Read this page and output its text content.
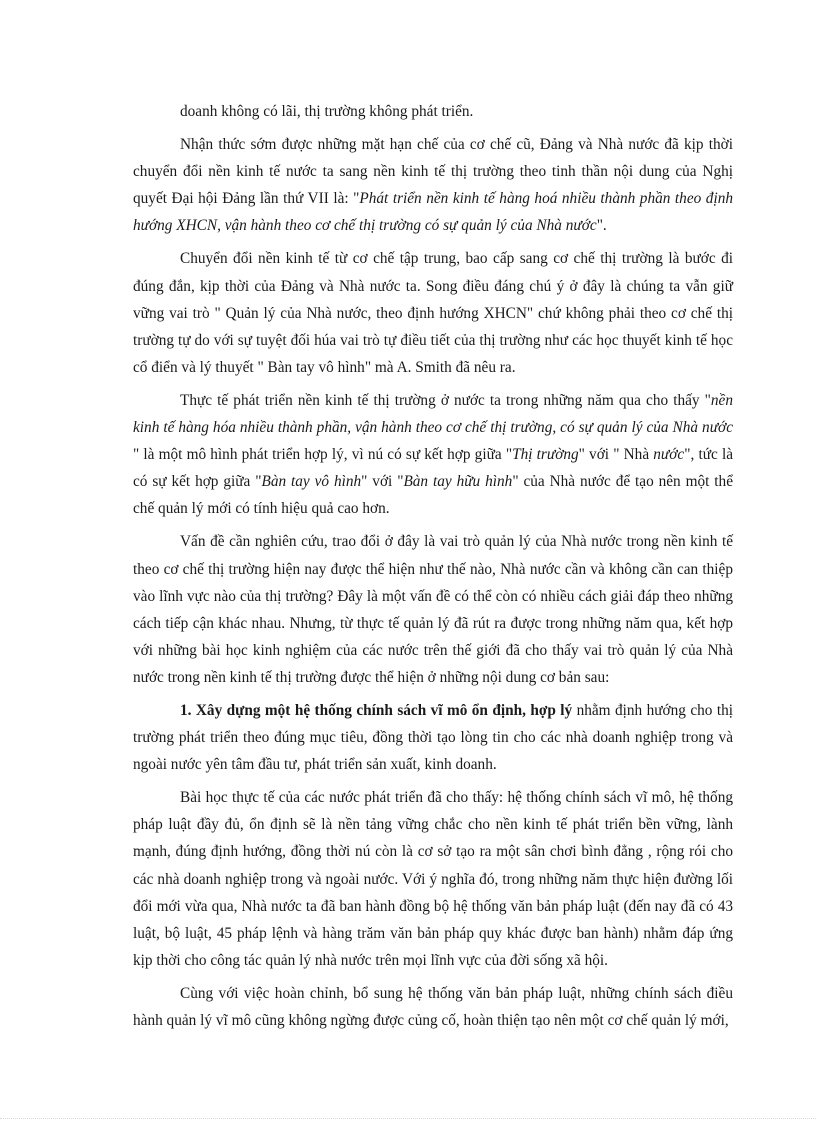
doanh không có lãi, thị trường không phát triển.

Nhận thức sớm được những mặt hạn chế của cơ chế cũ, Đảng và Nhà nước đã kịp thời chuyển đổi nền kinh tế nước ta sang nền kinh tế thị trường theo tinh thần nội dung của Nghị quyết Đại hội Đảng lần thứ VII là: "Phát triển nền kinh tế hàng hoá nhiều thành phần theo định hướng XHCN, vận hành theo cơ chế thị trường có sự quản lý của Nhà nước".

Chuyển đổi nền kinh tế từ cơ chế tập trung, bao cấp sang cơ chế thị trường là bước đi đúng đắn, kịp thời của Đảng và Nhà nước ta. Song điều đáng chú ý ở đây là chúng ta vẫn giữ vững vai trò " Quản lý của Nhà nước, theo định hướng XHCN" chứ không phải theo cơ chế thị trường tự do với sự tuyệt đối húa vai trò tự điều tiết của thị trường như các học thuyết kinh tế học cổ điển và lý thuyết " Bàn tay vô hình" mà A. Smith đã nêu ra.

Thực tế phát triển nền kinh tế thị trường ở nước ta trong những năm qua cho thấy "nền kinh tế hàng hóa nhiều thành phần, vận hành theo cơ chế thị trường, có sự quản lý của Nhà nước " là một mô hình phát triển hợp lý, vì nú có sự kết hợp giữa "Thị trường" với " Nhà nước", tức là có sự kết hợp giữa "Bàn tay vô hình" với "Bàn tay hữu hình" của Nhà nước để tạo nên một thể chế quản lý mới có tính hiệu quả cao hơn.

Vấn đề cần nghiên cứu, trao đổi ở đây là vai trò quản lý của Nhà nước trong nền kinh tế theo cơ chế thị trường hiện nay được thể hiện như thế nào, Nhà nước cần và không cần can thiệp vào lĩnh vực nào của thị trường? Đây là một vấn đề có thể còn có nhiều cách giải đáp theo những cách tiếp cận khác nhau. Nhưng, từ thực tế quản lý đã rút ra được trong những năm qua, kết hợp với những bài học kinh nghiệm của các nước trên thế giới đã cho thấy vai trò quản lý của Nhà nước trong nền kinh tế thị trường được thể hiện ở những nội dung cơ bản sau:

1. Xây dựng một hệ thống chính sách vĩ mô ổn định, hợp lý nhằm định hướng cho thị trường phát triển theo đúng mục tiêu, đồng thời tạo lòng tin cho các nhà doanh nghiệp trong và ngoài nước yên tâm đầu tư, phát triển sản xuất, kinh doanh.

Bài học thực tế của các nước phát triển đã cho thấy: hệ thống chính sách vĩ mô, hệ thống pháp luật đầy đủ, ổn định sẽ là nền tảng vững chắc cho nền kinh tế phát triển bền vững, lành mạnh, đúng định hướng, đồng thời nú còn là cơ sở tạo ra một sân chơi bình đẳng , rộng rói cho các nhà doanh nghiệp trong và ngoài nước. Với ý nghĩa đó, trong những năm thực hiện đường lối đổi mới vừa qua, Nhà nước ta đã ban hành đồng bộ hệ thống văn bản pháp luật (đến nay đã có 43 luật, bộ luật, 45 pháp lệnh và hàng trăm văn bản pháp quy khác được ban hành) nhằm đáp ứng kịp thời cho công tác quản lý nhà nước trên mọi lĩnh vực của đời sống xã hội.

Cùng với việc hoàn chỉnh, bổ sung hệ thống văn bản pháp luật, những chính sách điều hành quản lý vĩ mô cũng không ngừng được củng cố, hoàn thiện tạo nên một cơ chế quản lý mới,
